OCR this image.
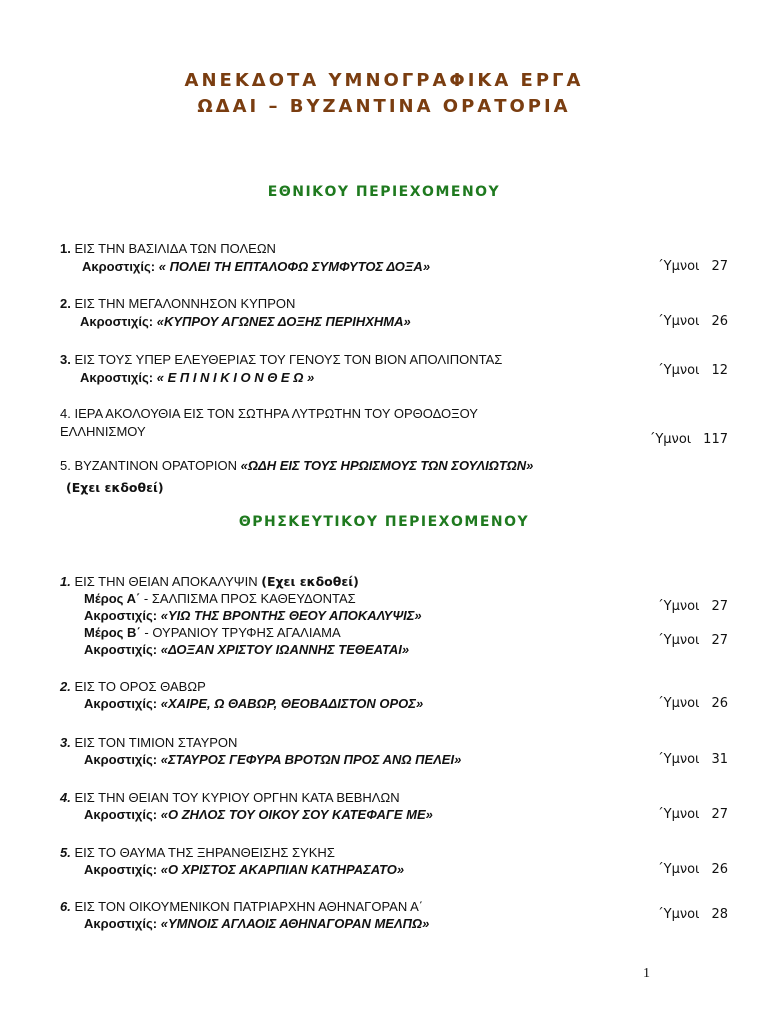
ΑΝΕΚΔΟΤΑ ΥΜΝΟΓΡΑΦΙΚΑ ΕΡΓΑ
ΩΔΑΙ – ΒΥΖΑΝΤΙΝΑ ΟΡΑΤΟΡΙΑ
ΕΘΝΙΚΟΥ ΠΕΡΙΕΧΟΜΕΝΟΥ
1. ΕΙΣ ΤΗΝ ΒΑΣΙΛΙΔΑ ΤΩΝ ΠΟΛΕΩΝ
Ακροστιχίς: « ΠΟΛΕΙ ΤΗ ΕΠΤΑΛΟΦΩ ΣΥΜΦΥΤΟΣ ΔΟΞΑ»	΄Υμνοι 27
2. ΕΙΣ ΤΗΝ ΜΕΓΑΛΟΝΝΗΣΟΝ ΚΥΠΡΟΝ
Ακροστιχίς: «ΚΥΠΡΟΥ ΑΓΩΝΕΣ ΔΟΞΗΣ ΠΕΡΙΗΧΗΜΑ»	΄Υμνοι 26
3. ΕΙΣ ΤΟΥΣ ΥΠΕΡ ΕΛΕΥΘΕΡΙΑΣ ΤΟΥ ΓΕΝΟΥΣ ΤΟΝ ΒΙΟΝ ΑΠΟΛΙΠΟΝΤΑΣ
Ακροστιχίς: « Ε Π Ι Ν Ι Κ Ι Ο Ν Θ Ε Ω »	΄Υμνοι 12
4. ΙΕΡΑ ΑΚΟΛΟΥΘΙΑ ΕΙΣ ΤΟΝ ΣΩΤΗΡΑ ΛΥΤΡΩΤΗΝ ΤΟΥ ΟΡΘΟΔΟΞΟΥ
ΕΛΛΗΝΙΣΜΟΥ
΄Υμνοι 117
5. ΒΥΖΑΝΤΙΝΟΝ ΟΡΑΤΟΡΙΟΝ «ΩΔΗ ΕΙΣ ΤΟΥΣ ΗΡΩΙΣΜΟΥΣ ΤΩΝ ΣΟΥΛΙΩΤΩΝ»
(Εχει εκδοθεί)
ΘΡΗΣΚΕΥΤΙΚΟΥ ΠΕΡΙΕΧΟΜΕΝΟΥ
1. ΕΙΣ ΤΗΝ ΘΕΙΑΝ ΑΠΟΚΑΛΥΨΙΝ (Εχει εκδοθεί)
Μέρος Α΄ - ΣΑΛΠΙΣΜΑ ΠΡΟΣ ΚΑΘΕΥΔΟΝΤΑΣ
Ακροστιχίς: «ΥΙΩ ΤΗΣ ΒΡΟΝΤΗΣ ΘΕΟΥ ΑΠΟΚΑΛΥΨΙΣ»
΄Υμνοι 27
Μέρος Β΄ - ΟΥΡΑΝΙΟΥ ΤΡΥΦΗΣ ΑΓΑΛΙΑΜΑ
Ακροστιχίς: «ΔΟΞΑΝ ΧΡΙΣΤΟΥ ΙΩΑΝΝΗΣ ΤΕΘΕΑΤΑΙ»
΄Υμνοι 27
2. ΕΙΣ ΤΟ ΟΡΟΣ ΘΑΒΩΡ
Ακροστιχίς: «ΧΑΙΡΕ, Ω ΘΑΒΩΡ, ΘΕΟΒΑΔΙΣΤΟΝ ΟΡΟΣ»	΄Υμνοι 26
3. ΕΙΣ ΤΟΝ ΤΙΜΙΟΝ ΣΤΑΥΡΟΝ
Ακροστιχίς: «ΣΤΑΥΡΟΣ ΓΕΦΥΡΑ ΒΡΟΤΩΝ ΠΡΟΣ ΑΝΩ ΠΕΛΕΙ»	΄Υμνοι 31
4. ΕΙΣ ΤΗΝ ΘΕΙΑΝ ΤΟΥ ΚΥΡΙΟΥ ΟΡΓΗΝ ΚΑΤΑ ΒΕΒΗΛΩΝ
Ακροστιχίς: «Ο ΖΗΛΟΣ ΤΟΥ ΟΙΚΟΥ ΣΟΥ ΚΑΤΕΦΑΓΕ ΜΕ»	΄Υμνοι 27
5. ΕΙΣ ΤΟ ΘΑΥΜΑ ΤΗΣ ΞΗΡΑΝΘΕΙΣΗΣ ΣΥΚΗΣ
Ακροστιχίς: «Ο ΧΡΙΣΤΟΣ ΑΚΑΡΠΙΑΝ ΚΑΤΗΡΑΣΑΤΟ»	΄Υμνοι 26
6. ΕΙΣ ΤΟΝ ΟΙΚΟΥΜΕΝΙΚΟΝ ΠΑΤΡΙΑΡΧΗΝ ΑΘΗΝΑΓΟΡΑΝ Α΄
Ακροστιχίς: «ΥΜΝΟΙΣ ΑΓΛΑΟΙΣ ΑΘΗΝΑΓΟΡΑΝ ΜΕΛΠΩ»
΄Υμνοι 28
1
